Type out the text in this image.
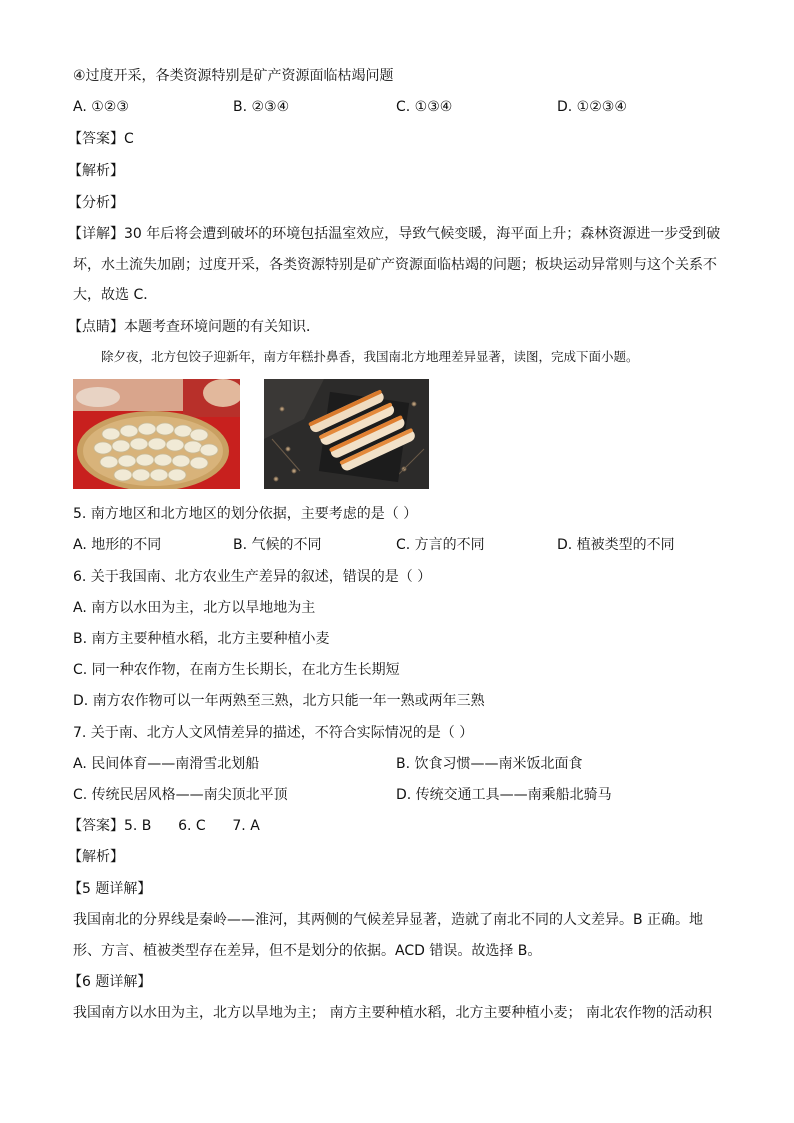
④过度开采，各类资源特别是矿产资源面临枯竭问题
A. ①②③	B. ②③④	C. ①③④	D. ①②③④
【答案】C
【解析】
【分析】
【详解】30 年后将会遭到破坏的环境包括温室效应，导致气候变暖，海平面上升；森林资源进一步受到破
坏，水土流失加剧；过度开采，各类资源特别是矿产资源面临枯竭的问题；板块运动异常则与这个关系不
大，故选 C．
【点睛】本题考查环境问题的有关知识．
除夕夜，北方包饺子迎新年，南方年糕扑鼻香，我国南北方地理差异显著，读图，完成下面小题。
5. 南方地区和北方地区的划分依据，主要考虑的是（ ）
A. 地形的不同	B. 气候的不同	C. 方言的不同	D. 植被类型的不同
6. 关于我国南、北方农业生产差异的叙述，错误的是（ ）
A. 南方以水田为主，北方以旱地地为主
B. 南方主要种植水稻，北方主要种植小麦
C. 同一种农作物，在南方生长期长，在北方生长期短
D. 南方农作物可以一年两熟至三熟，北方只能一年一熟或两年三熟
7. 关于南、北方人文风情差异的描述，不符合实际情况的是（ ）
A. 民间体育——南滑雪北划船	B. 饮食习惯——南米饭北面食
C. 传统民居风格——南尖顶北平顶	D. 传统交通工具——南乘船北骑马
【答案】5. B      6. C      7. A
【解析】
【5 题详解】
我国南北的分界线是秦岭——淮河，其两侧的气候差异显著，造就了南北不同的人文差异。B 正确。地
形、方言、植被类型存在差异，但不是划分的依据。ACD 错误。故选择 B。
【6 题详解】
我国南方以水田为主，北方以旱地为主； 南方主要种植水稻，北方主要种植小麦； 南北农作物的活动积
